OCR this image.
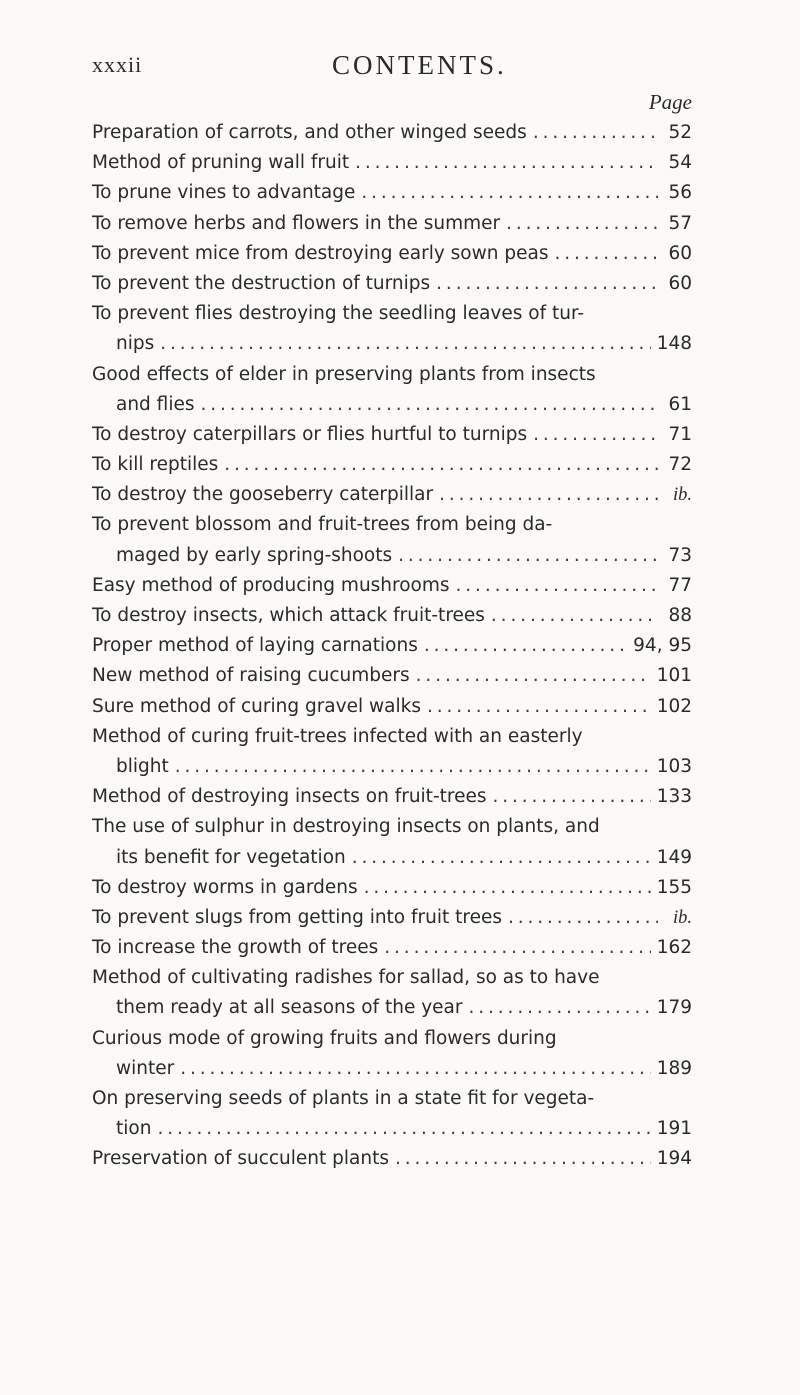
xxxii	CONTENTS.
Page
Preparation of carrots, and other winged seeds . . .	52
Method of pruning wall fruit . . .	54
To prune vines to advantage . . .	56
To remove herbs and flowers in the summer . . .	57
To prevent mice from destroying early sown peas . . .	60
To prevent the destruction of turnips . . .	60
To prevent flies destroying the seedling leaves of tur-
nips . . .	148
Good effects of elder in preserving plants from insects
and flies . . .	61
To destroy caterpillars or flies hurtful to turnips . . .	71
To kill reptiles . . .	72
To destroy the gooseberry caterpillar . . .	ib.
To prevent blossom and fruit-trees from being da-
maged by early spring-shoots . . .	73
Easy method of producing mushrooms . . .	77
To destroy insects, which attack fruit-trees . . .	88
Proper method of laying carnations . . .	94, 95
New method of raising cucumbers . . .	101
Sure method of curing gravel walks . . .	102
Method of curing fruit-trees infected with an easterly
blight . . .	103
Method of destroying insects on fruit-trees . . .	133
The use of sulphur in destroying insects on plants, and
its benefit for vegetation . . .	149
To destroy worms in gardens . . .	155
To prevent slugs from getting into fruit trees . . .	ib.
To increase the growth of trees . . .	162
Method of cultivating radishes for sallad, so as to have
them ready at all seasons of the year . . .	179
Curious mode of growing fruits and flowers during
winter . . .	189
On preserving seeds of plants in a state fit for vegeta-
tion . . .	191
Preservation of succulent plants . . .	194
